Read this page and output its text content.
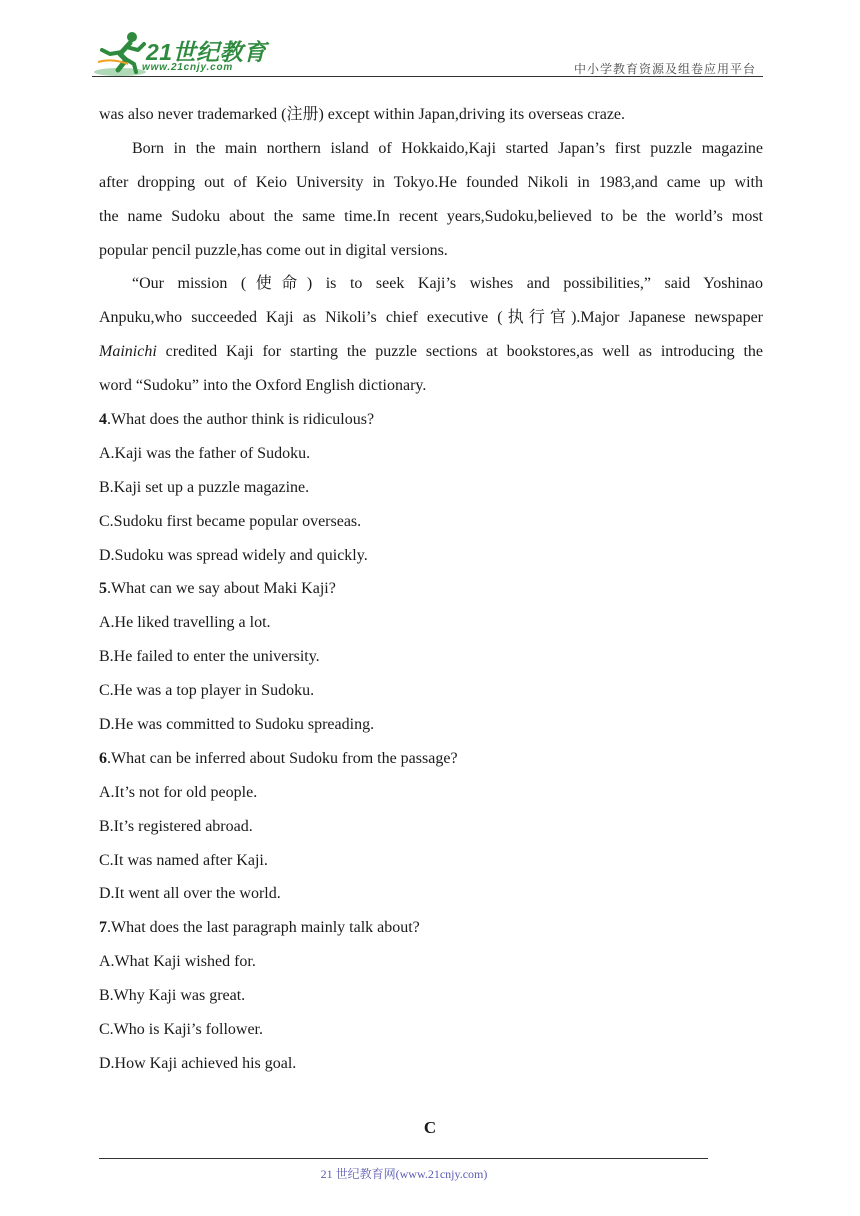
21世纪教育
www.21cnjy.com	中小学教育资源及组卷应用平台
was also never trademarked (注册) except within Japan,driving its overseas craze.
Born in the main northern island of Hokkaido,Kaji started Japan’s first puzzle magazine
after dropping out of Keio University in Tokyo.He founded Nikoli in 1983,and came up with
the name Sudoku about the same time.In recent years,Sudoku,believed to be the world’s most
popular pencil puzzle,has come out in digital versions.
“Our mission (使命) is to seek Kaji’s wishes and possibilities,” said Yoshinao
Anpuku,who succeeded Kaji as Nikoli’s chief executive (执行官).Major Japanese newspaper
Mainichi credited Kaji for starting the puzzle sections at bookstores,as well as introducing the
word “Sudoku” into the Oxford English dictionary.
4.What does the author think is ridiculous?
A.Kaji was the father of Sudoku.
B.Kaji set up a puzzle magazine.
C.Sudoku first became popular overseas.
D.Sudoku was spread widely and quickly.
5.What can we say about Maki Kaji?
A.He liked travelling a lot.
B.He failed to enter the university.
C.He was a top player in Sudoku.
D.He was committed to Sudoku spreading.
6.What can be inferred about Sudoku from the passage?
A.It’s not for old people.
B.It’s registered abroad.
C.It was named after Kaji.
D.It went all over the world.
7.What does the last paragraph mainly talk about?
A.What Kaji wished for.
B.Why Kaji was great.
C.Who is Kaji’s follower.
D.How Kaji achieved his goal.
C
21 世纪教育网(www.21cnjy.com)
